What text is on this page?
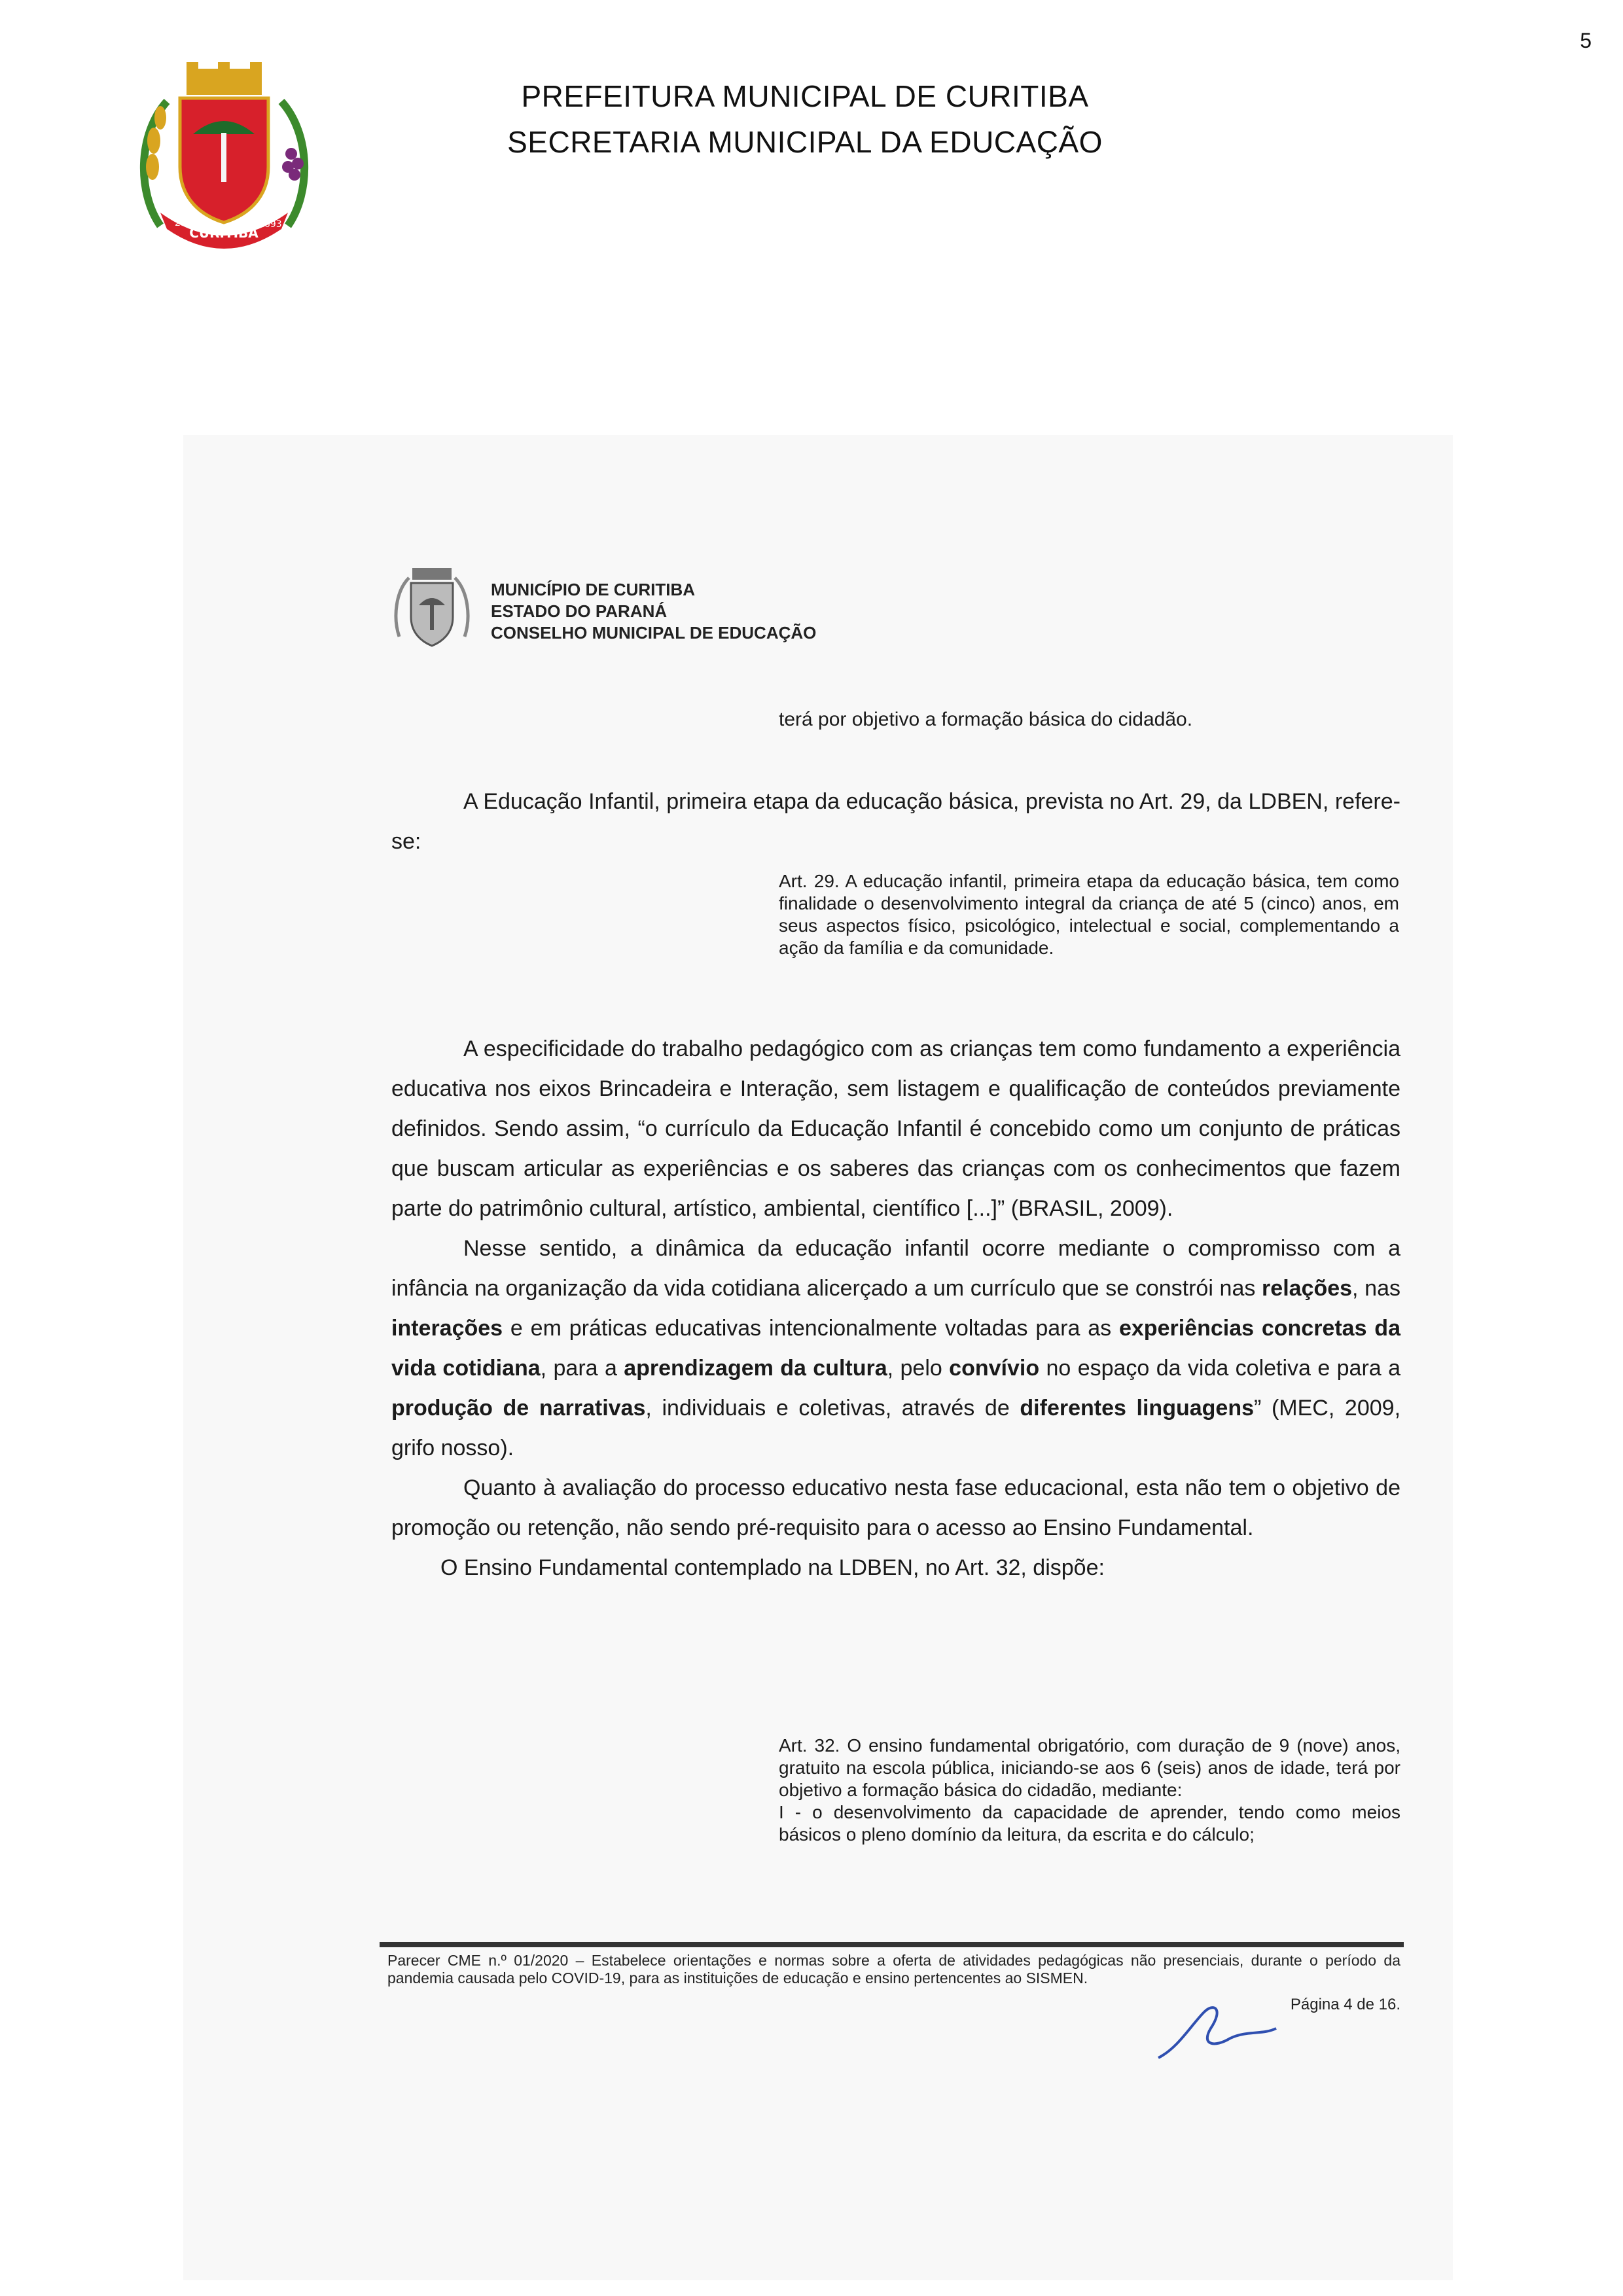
5
CURITIBA
29	1693
PREFEITURA MUNICIPAL DE CURITIBA
SECRETARIA MUNICIPAL DA EDUCAÇÃO
MUNICÍPIO DE CURITIBA
ESTADO DO PARANÁ
CONSELHO MUNICIPAL DE EDUCAÇÃO
terá por objetivo a formação básica do cidadão.

A Educação Infantil, primeira etapa da educação básica, prevista no Art. 29, da LDBEN, refere-se:

Art. 29. A educação infantil, primeira etapa da educação básica, tem como finalidade o desenvolvimento integral da criança de até 5 (cinco) anos, em seus aspectos físico, psicológico, intelectual e social, complementando a ação da família e da comunidade.

A especificidade do trabalho pedagógico com as crianças tem como fundamento a experiência educativa nos eixos Brincadeira e Interação, sem listagem e qualificação de conteúdos previamente definidos. Sendo assim, “o currículo da Educação Infantil é concebido como um conjunto de práticas que buscam articular as experiências e os saberes das crianças com os conhecimentos que fazem parte do patrimônio cultural, artístico, ambiental, científico [...]” (BRASIL, 2009).

Nesse sentido, a dinâmica da educação infantil ocorre mediante o compromisso com a infância na organização da vida cotidiana alicerçado a um currículo que se constrói nas relações, nas interações e em práticas educativas intencionalmente voltadas para as experiências concretas da vida cotidiana, para a aprendizagem da cultura, pelo convívio no espaço da vida coletiva e para a produção de narrativas, individuais e coletivas, através de diferentes linguagens” (MEC, 2009, grifo nosso).

Quanto à avaliação do processo educativo nesta fase educacional, esta não tem o objetivo de promoção ou retenção, não sendo pré-requisito para o acesso ao Ensino Fundamental.

O Ensino Fundamental contemplado na LDBEN, no Art. 32, dispõe:

Art. 32. O ensino fundamental obrigatório, com duração de 9 (nove) anos, gratuito na escola pública, iniciando-se aos 6 (seis) anos de idade, terá por objetivo a formação básica do cidadão, mediante:
I - o desenvolvimento da capacidade de aprender, tendo como meios básicos o pleno domínio da leitura, da escrita e do cálculo;
Parecer CME n.º 01/2020 – Estabelece orientações e normas sobre a oferta de atividades pedagógicas não presenciais, durante o período da pandemia causada pelo COVID-19, para as instituições de educação e ensino pertencentes ao SISMEN.
Página 4 de 16.
